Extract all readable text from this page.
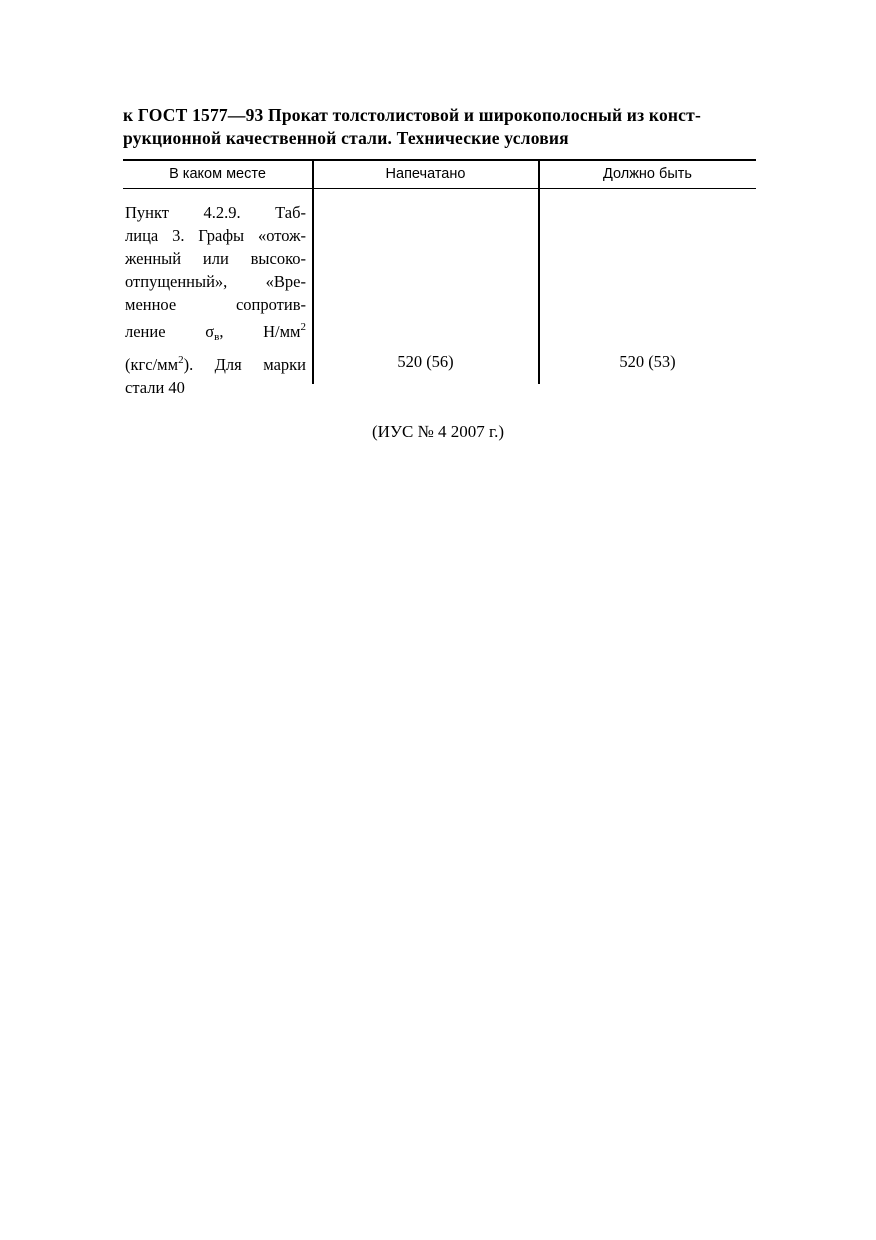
к ГОСТ 1577—93 Прокат толстолистовой и широкополосный из конст-
рукционной качественной стали. Технические условия
В каком месте	Напечатано	Должно быть
Пункт 4.2.9. Таб-
лица 3. Графы «отож-
женный или высоко-
отпущенный», «Вре-
менное сопротив-
ление $\sigma_в$, $Н/мм^2$
$(кгс/мм^2)$. Для марки
стали 40
520 (56)	520 (53)
(ИУС № 4 2007 г.)
